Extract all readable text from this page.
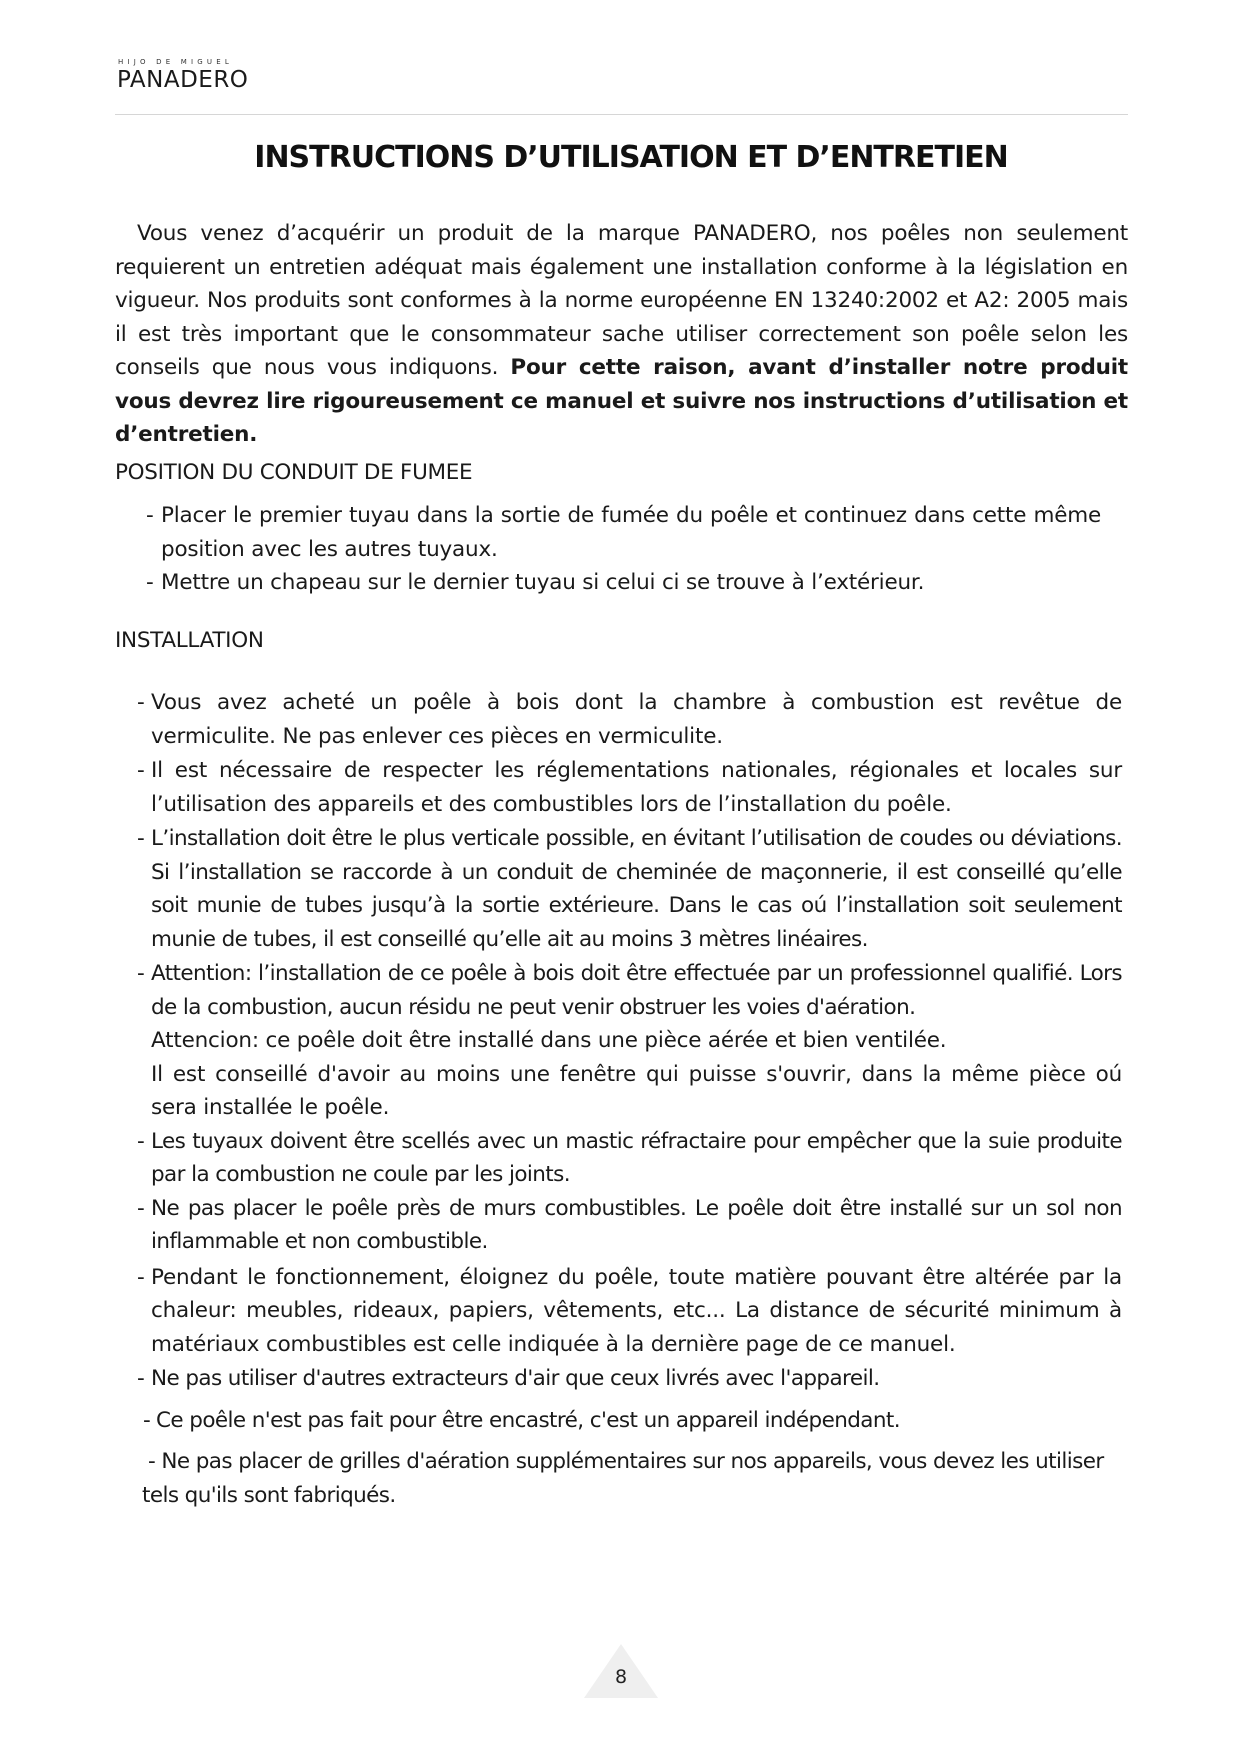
HIJO DE MIGUEL
PANADERO
INSTRUCTIONS D’UTILISATION ET D’ENTRETIEN
Vous venez d’acquérir un produit de la marque PANADERO, nos poêles non seulement requierent un entretien adéquat mais également une installation conforme à la législation en vigueur. Nos produits sont conformes à la norme européenne EN 13240:2002 et A2: 2005 mais il est très important que le consommateur sache utiliser correctement son poêle selon les conseils que nous vous indiquons. Pour cette raison, avant d’installer notre produit vous devrez lire rigoureusement ce manuel et suivre nos instructions d’utilisation et d’entretien.
POSITION DU CONDUIT DE FUMEE
- Placer le premier tuyau dans la sortie de fumée du poêle et continuez dans cette même position avec les autres tuyaux.
- Mettre un chapeau sur le dernier tuyau si celui ci se trouve à l’extérieur.
INSTALLATION
- Vous avez acheté un poêle à bois dont la chambre à combustion est revêtue de vermiculite. Ne pas enlever ces pièces en vermiculite.
- Il est nécessaire de respecter les réglementations nationales, régionales et locales sur l’utilisation des appareils et des combustibles lors de l’installation du poêle.
- L’installation doit être le plus verticale possible, en évitant l’utilisation de coudes ou déviations. Si l’installation se raccorde à un conduit de cheminée de maçonnerie, il est conseillé qu’elle soit munie de tubes jusqu’à la sortie extérieure. Dans le cas oú l’installation soit seulement munie de tubes, il est conseillé qu’elle ait au moins 3 mètres linéaires.
- Attention: l’installation de ce poêle à bois doit être effectuée par un professionnel qualifié. Lors de la combustion, aucun résidu ne peut venir obstruer les voies d'aération.
Attencion: ce poêle doit être installé dans une pièce aérée et bien ventilée.
Il est conseillé d'avoir au moins une fenêtre qui puisse s'ouvrir, dans la même pièce oú sera installée le poêle.
- Les tuyaux doivent être scellés avec un mastic réfractaire pour empêcher que la suie produite par la combustion ne coule par les joints.
- Ne pas placer le poêle près de murs combustibles. Le poêle doit être installé sur un sol non inflammable et non combustible.
- Pendant le fonctionnement, éloignez du poêle, toute matière pouvant être altérée par la chaleur: meubles, rideaux, papiers, vêtements, etc... La distance de sécurité minimum à matériaux combustibles est celle indiquée à la dernière page de ce manuel.
- Ne pas utiliser d'autres extracteurs d'air que ceux livrés avec l'appareil.
- Ce poêle n'est pas fait pour être encastré, c'est un appareil indépendant.
- Ne pas placer de grilles d'aération supplémentaires sur nos appareils, vous devez les utiliser tels qu'ils sont fabriqués.
8
